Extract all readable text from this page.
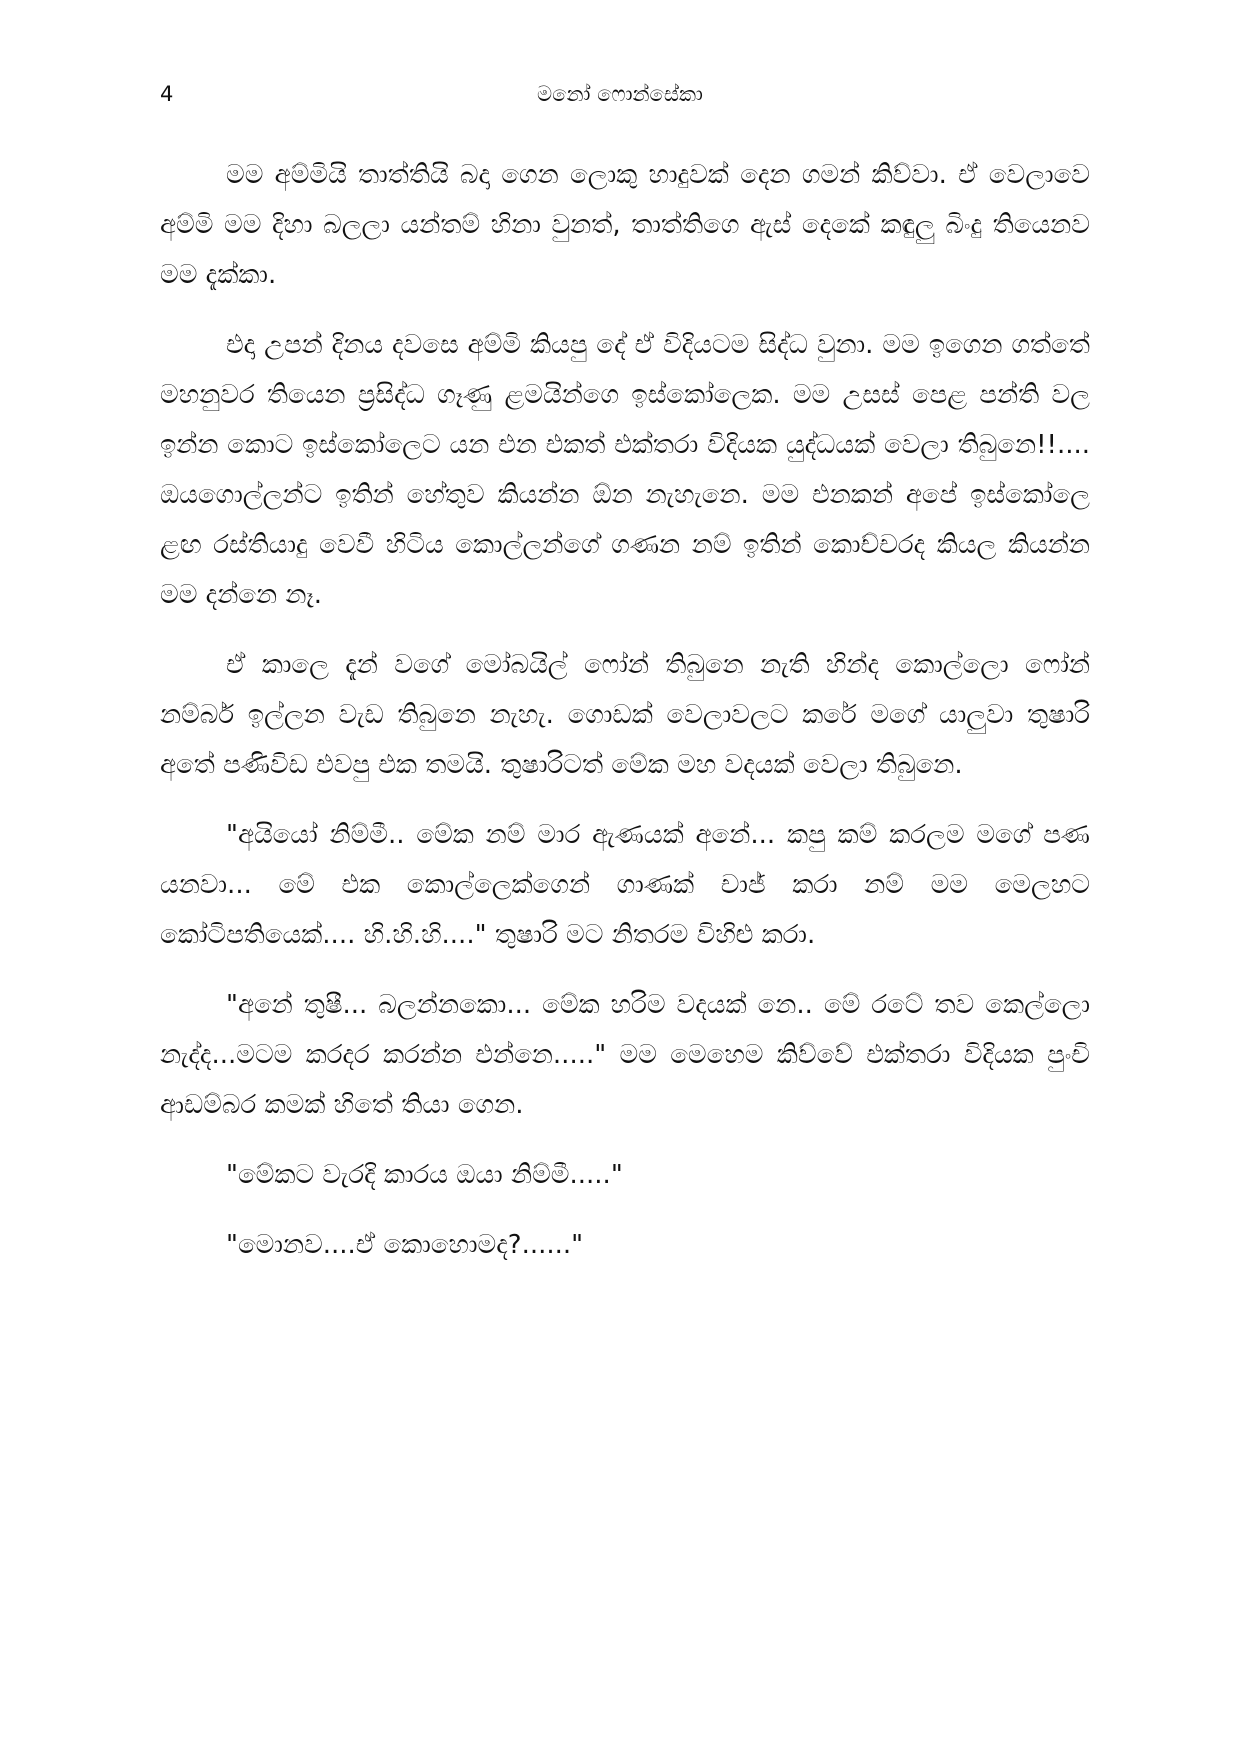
4	මනෝ ෆොන්සේකා

මම අම්මියි තාත්තියි බදා ගෙන ලොකු හාදුවක් දෙන ගමන් කිව්වා. ඒ වෙලාවෙ අම්මි මම දිහා බලලා යන්තම් හිනා වුනත්, තාත්තිගෙ ඇස් දෙකේ කඳුලු බිංදු තියෙනව මම දැක්කා.

එදා උපන් දිනය දවසෙ අම්මි කියපු දේ ඒ විදියටම සිද්ධ වුනා. මම ඉගෙන ගත්තේ මහනුවර තියෙන ප්‍රසිද්ධ ගෑණු ළමයින්ගෙ ඉස්කෝලෙක. මම උසස් පෙළ පන්ති වල ඉන්න කොට ඉස්කෝලෙට යන එන එකත් එක්තරා විදියක යුද්ධයක් වෙලා තිබුනෙ!!.... ඔයගොල්ලන්ට ඉතින් හේතුව කියන්න ඕන නැහැනෙ. මම එනකන් අපේ ඉස්කෝලෙ ළඟ රස්තියාදු වෙවී හිටිය කොල්ලන්ගේ ගණන නම් ඉතින් කොච්චරද කියල කියන්න මම දන්නෙ නෑ.

ඒ කාලෙ දැන් වගේ මෝබයිල් ෆෝන් තිබුනෙ නැති හින්ද කොල්ලො ෆෝන් නම්බර් ඉල්ලන වැඩ තිබුනෙ නැහැ. ගොඩක් වෙලාවලට කරේ මගේ යාලුවා තුෂාරි අතේ පණිවිඩ එවපු එක තමයි. තුෂාරිටත් මේක මහ වදයක් වෙලා තිබුනෙ.

"අයියෝ නිම්මී.. මේක නම් මාර ඇණයක් අනේ... කපු කම් කරලම මගේ පණ යනවා... මේ එක කොල්ලෙක්ගෙන් ගාණක් චාජ් කරා නම් මම මෙලහට කෝටිපතියෙක්.... හි.හි.හි...." තුෂාරි මට නිතරම විහිළු කරා.

"අනේ තුෂී... බලන්නකො... මේක හරිම වදයක් නෙ.. මේ රටේ තව කෙල්ලො නැද්ද...මටම කරදර කරන්න එන්නෙ....." මම මෙහෙම කිව්වේ එක්තරා විදියක පුංචි ආඩම්බර කමක් හිතේ තියා ගෙන.

"මේකට වැරදි කාරය ඔයා නිම්මී....."

"මොනව....ඒ කොහොමද?......"
